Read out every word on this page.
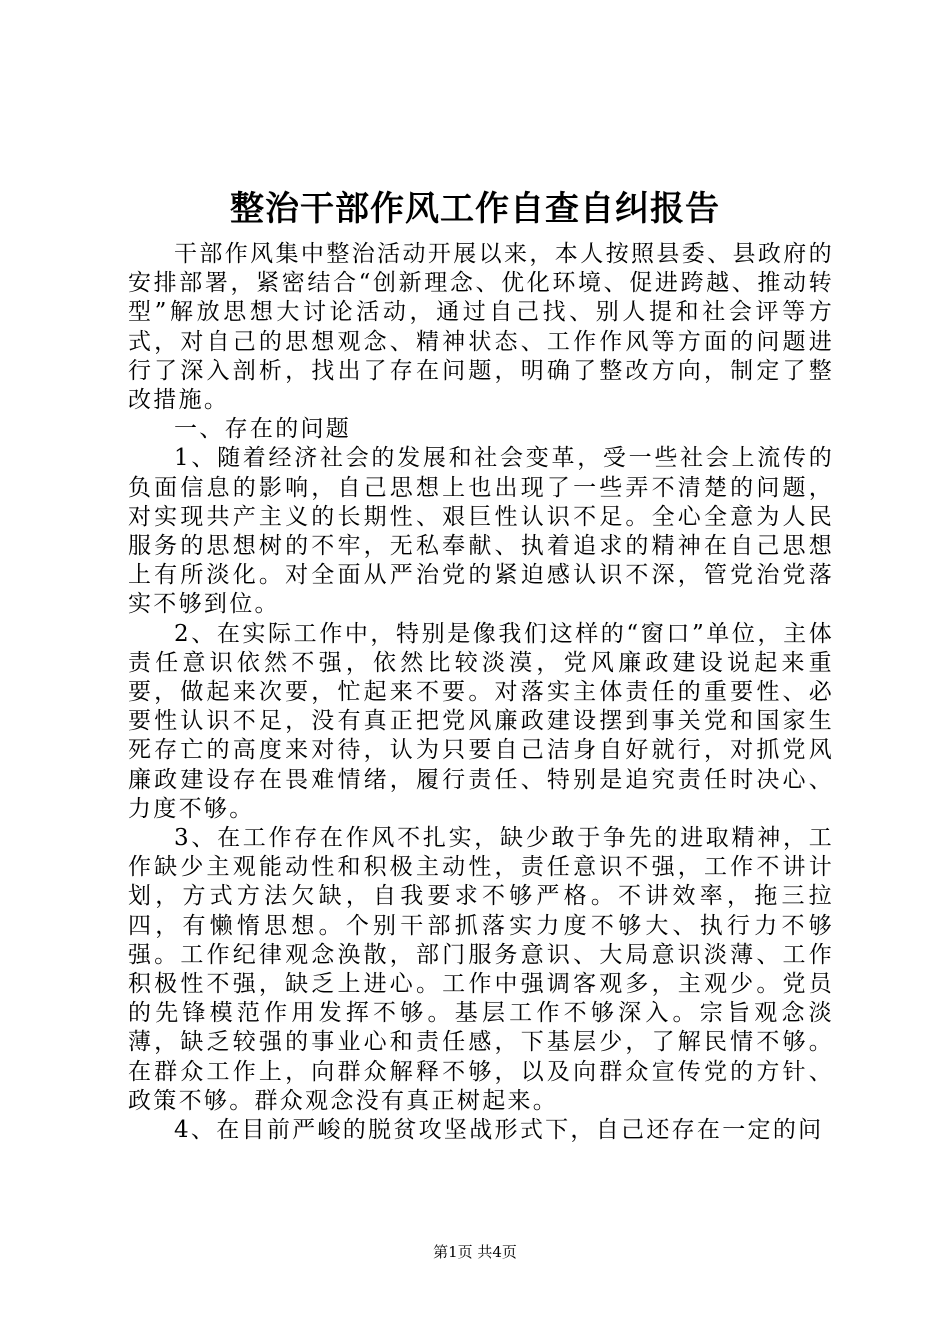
整治干部作风工作自查自纠报告

干部作风集中整治活动开展以来，本人按照县委、县政府的安排部署，紧密结合“创新理念、优化环境、促进跨越、推动转型”解放思想大讨论活动，通过自己找、别人提和社会评等方式，对自己的思想观念、精神状态、工作作风等方面的问题进行了深入剖析，找出了存在问题，明确了整改方向，制定了整改措施。

一、存在的问题

1、随着经济社会的发展和社会变革，受一些社会上流传的负面信息的影响，自己思想上也出现了一些弄不清楚的问题，对实现共产主义的长期性、艰巨性认识不足。全心全意为人民服务的思想树的不牢，无私奉献、执着追求的精神在自己思想上有所淡化。对全面从严治党的紧迫感认识不深，管党治党落实不够到位。

2、在实际工作中，特别是像我们这样的“窗口”单位，主体责任意识依然不强，依然比较淡漠，党风廉政建设说起来重要，做起来次要，忙起来不要。对落实主体责任的重要性、必要性认识不足，没有真正把党风廉政建设摆到事关党和国家生死存亡的高度来对待，认为只要自己洁身自好就行，对抓党风廉政建设存在畏难情绪，履行责任、特别是追究责任时决心、力度不够。

3、在工作存在作风不扎实，缺少敢于争先的进取精神，工作缺少主观能动性和积极主动性，责任意识不强，工作不讲计划，方式方法欠缺，自我要求不够严格。不讲效率，拖三拉四，有懒惰思想。个别干部抓落实力度不够大、执行力不够强。工作纪律观念涣散，部门服务意识、大局意识淡薄、工作积极性不强，缺乏上进心。工作中强调客观多，主观少。党员的先锋模范作用发挥不够。基层工作不够深入。宗旨观念淡薄，缺乏较强的事业心和责任感，下基层少，了解民情不够。在群众工作上，向群众解释不够，以及向群众宣传党的方针、政策不够。群众观念没有真正树起来。

4、在目前严峻的脱贫攻坚战形式下，自己还存在一定的问

第1页 共4页
